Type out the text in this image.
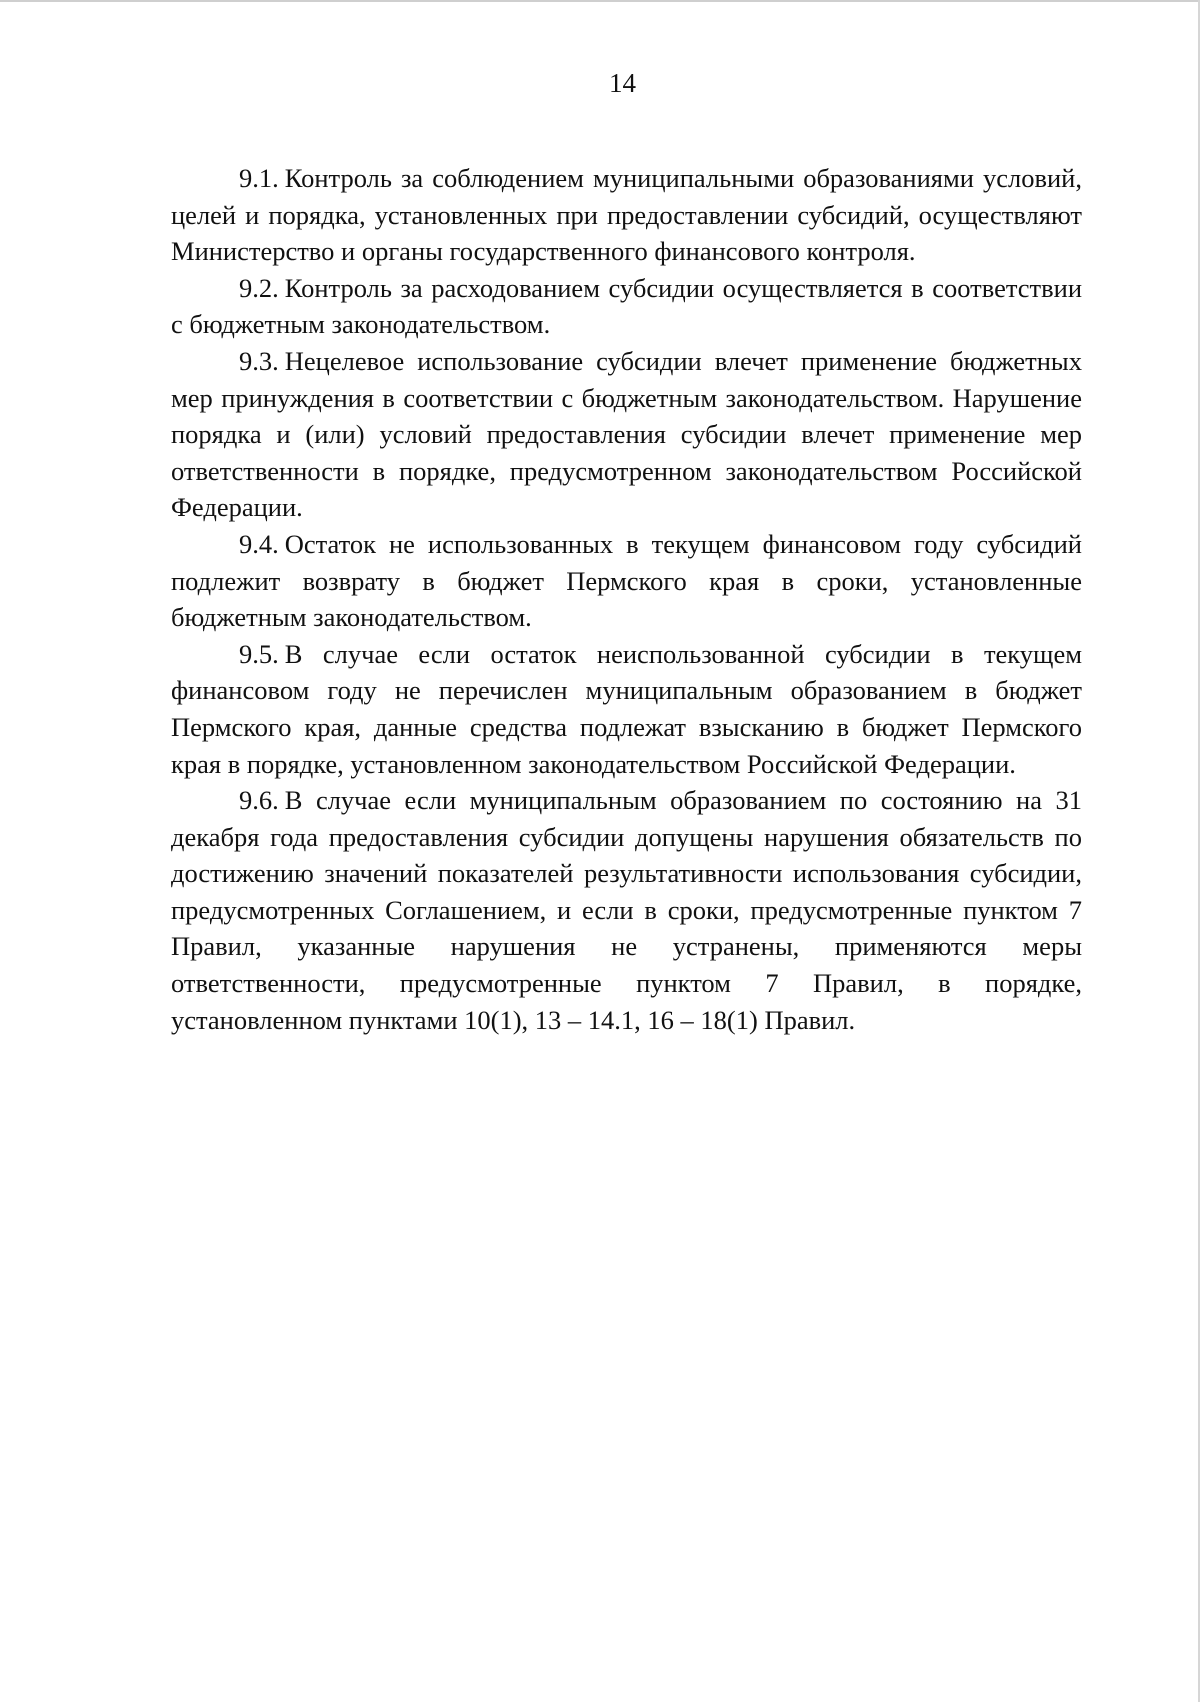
14

9.1. Контроль за соблюдением муниципальными образованиями условий, целей и порядка, установленных при предоставлении субсидий, осуществляют Министерство и органы государственного финансового контроля.

9.2. Контроль за расходованием субсидии осуществляется в соответствии с бюджетным законодательством.

9.3. Нецелевое использование субсидии влечет применение бюджетных мер принуждения в соответствии с бюджетным законодательством. Нарушение порядка и (или) условий предоставления субсидии влечет применение мер ответственности в порядке, предусмотренном законодательством Российской Федерации.

9.4. Остаток не использованных в текущем финансовом году субсидий подлежит возврату в бюджет Пермского края в сроки, установленные бюджетным законодательством.

9.5. В случае если остаток неиспользованной субсидии в текущем финансовом году не перечислен муниципальным образованием в бюджет Пермского края, данные средства подлежат взысканию в бюджет Пермского края в порядке, установленном законодательством Российской Федерации.

9.6. В случае если муниципальным образованием по состоянию на 31 декабря года предоставления субсидии допущены нарушения обязательств по достижению значений показателей результативности использования субсидии, предусмотренных Соглашением, и если в сроки, предусмотренные пунктом 7 Правил, указанные нарушения не устранены, применяются меры ответственности, предусмотренные пунктом 7 Правил, в порядке, установленном пунктами 10(1), 13 – 14.1, 16 – 18(1) Правил.
